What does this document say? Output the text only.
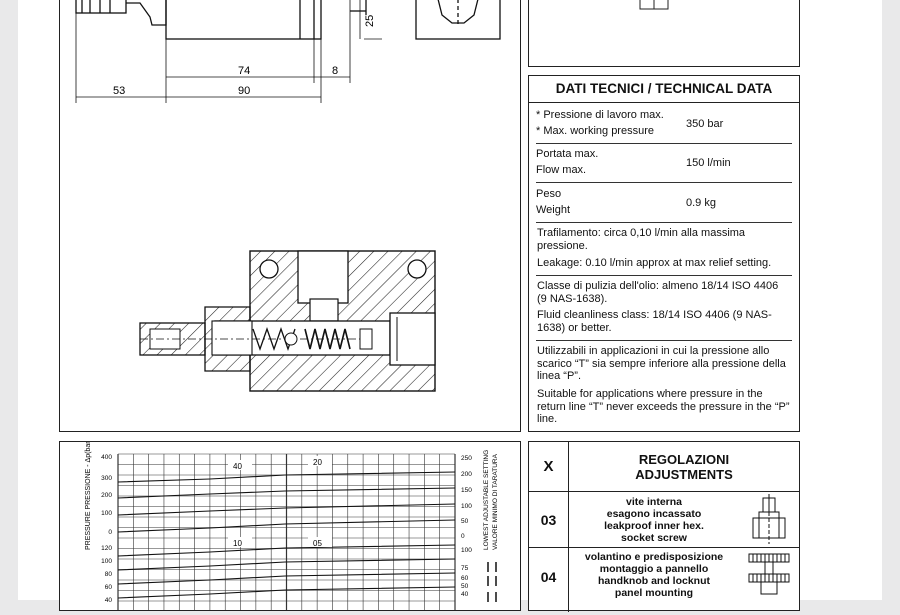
25
74	8
53	90	DATI TECNICI / TECHNICAL DATA
* Pressione di lavoro max.
* Max. working pressure
350 bar
Portata max.
Flow max.
150 l/min
Peso
Weight
0.9 kg
Trafilamento: circa 0,10 l/min alla massima pressione.
Leakage: 0.10 l/min approx at max relief setting.
Classe di pulizia dell'olio: almeno 18/14 ISO 4406 (9 NAS-1638).
Fluid cleanliness class: 18/14 ISO 4406 (9 NAS-1638) or better.
Utilizzabili in applicazioni in cui la pressione allo scarico “T” sia sempre inferiore alla pressione della linea “P”.
Suitable for applications where pressure in the return line “T” never exceeds the pressure in the “P” line.
PRESSURE PRESSIONE - Δp(bar)	LOWEST ADJUSTABLE SETTING VALORE MINIMO DI TARATURA
400
300
200
100
0
120
100
80
60
40
250
200
150
100
50
0
100
75
60
50
40
40	20
10	05
X	REGOLAZIONI
ADJUSTMENTS
03
vite interna
esagono incassato
leakproof inner hex.
socket screw
04
volantino e predisposizione
montaggio a pannello
handknob and locknut
panel mounting
